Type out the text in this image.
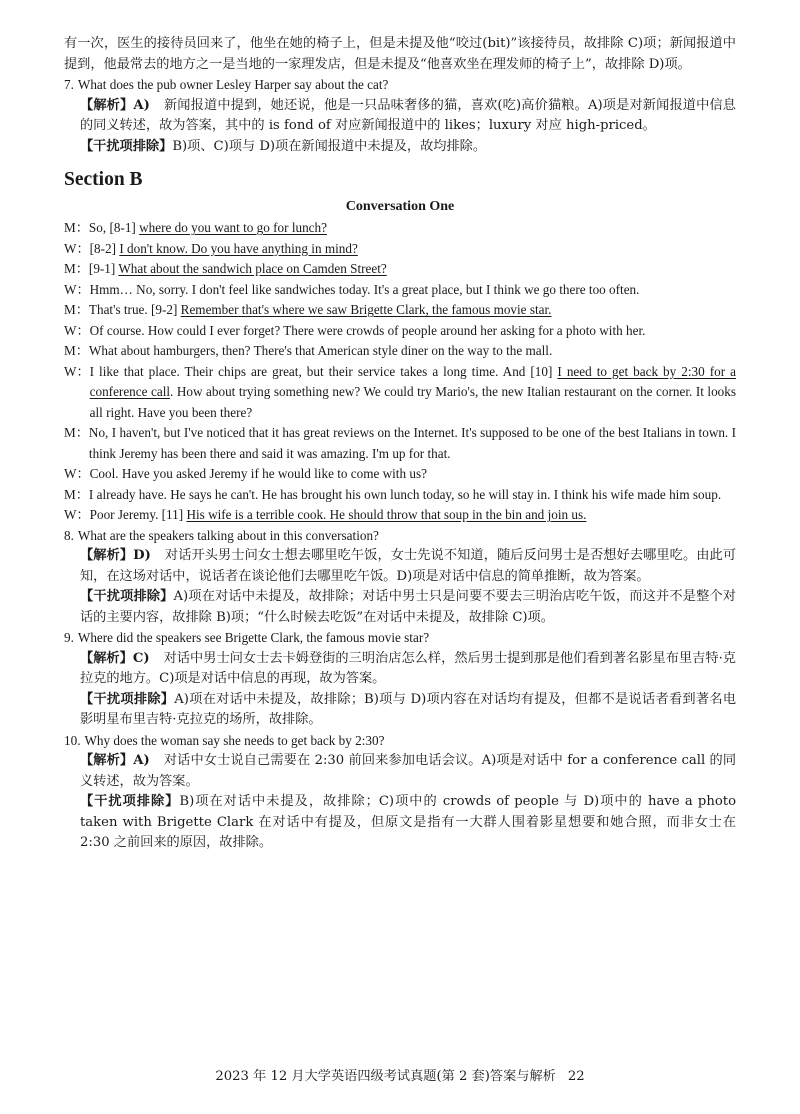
有一次，医生的接待员回来了，他坐在她的椅子上，但是未提及他“咬过(bit)”该接待员，故排除 C)项；新闻报道中提到，他最常去的地方之一是当地的一家理发店，但是未提及“他喜欢坐在理发师的椅子上”，故排除 D)项。

7. What does the pub owner Lesley Harper say about the cat?

【解析】A) 新闻报道中提到，她还说，他是一只品味奢侈的猫，喜欢(吃)高价猫粮。A)项是对新闻报道中信息的同义转述，故为答案，其中的 is fond of 对应新闻报道中的 likes；luxury 对应 high-priced。

【干扰项排除】B)项、C)项与 D)项在新闻报道中未提及，故均排除。

Section B
Conversation One
M： So, [8-1] where do you want to go for lunch?
W： [8-2] I don't know. Do you have anything in mind?
M： [9-1] What about the sandwich place on Camden Street?
W： Hmm… No, sorry. I don't feel like sandwiches today. It's a great place, but I think we go there too often.
M： That's true. [9-2] Remember that's where we saw Brigette Clark, the famous movie star.
W： Of course. How could I ever forget? There were crowds of people around her asking for a photo with her.
M： What about hamburgers, then? There's that American style diner on the way to the mall.
W： I like that place. Their chips are great, but their service takes a long time. And [10] I need to get back by 2:30 for a conference call. How about trying something new? We could try Mario's, the new Italian restaurant on the corner. It looks all right. Have you been there?
M： No, I haven't, but I've noticed that it has great reviews on the Internet. It's supposed to be one of the best Italians in town. I think Jeremy has been there and said it was amazing. I'm up for that.
W： Cool. Have you asked Jeremy if he would like to come with us?
M： I already have. He says he can't. He has brought his own lunch today, so he will stay in. I think his wife made him soup.
W： Poor Jeremy. [11] His wife is a terrible cook. He should throw that soup in the bin and join us.
8. What are the speakers talking about in this conversation?

【解析】D) 对话开头男士问女士想去哪里吃午饭，女士先说不知道，随后反问男士是否想好去哪里吃。由此可知，在这场对话中，说话者在谈论他们去哪里吃午饭。D)项是对话中信息的简单推断，故为答案。

【干扰项排除】A)项在对话中未提及，故排除；对话中男士只是问要不要去三明治店吃午饭，而这并不是整个对话的主要内容，故排除 B)项；“什么时候去吃饭”在对话中未提及，故排除 C)项。

9. Where did the speakers see Brigette Clark, the famous movie star?

【解析】C) 对话中男士问女士去卡姆登街的三明治店怎么样，然后男士提到那是他们看到著名影星布里吉特·克拉克的地方。C)项是对话中信息的再现，故为答案。

【干扰项排除】A)项在对话中未提及，故排除；B)项与 D)项内容在对话均有提及，但都不是说话者看到著名电影明星布里吉特·克拉克的场所，故排除。

10. Why does the woman say she needs to get back by 2:30?

【解析】A) 对话中女士说自己需要在 2:30 前回来参加电话会议。A)项是对话中 for a conference call 的同义转述，故为答案。

【干扰项排除】B)项在对话中未提及，故排除；C)项中的 crowds of people 与 D)项中的 have a photo taken with Brigette Clark 在对话中有提及，但原文是指有一大群人围着影星想要和她合照，而非女士在 2:30 之前回来的原因，故排除。

2023 年 12 月大学英语四级考试真题(第 2 套)答案与解析 22
